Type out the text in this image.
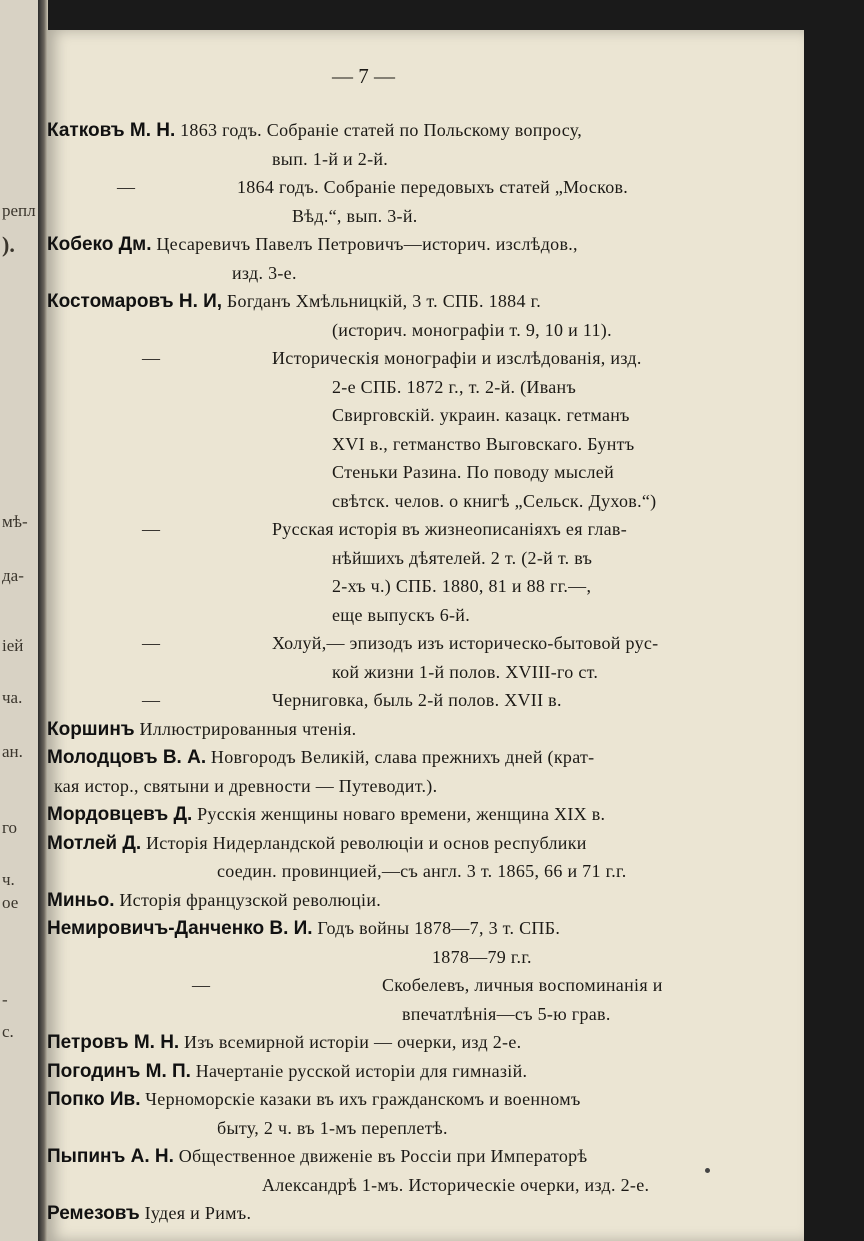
репл
).
мѣ-
да-
іей
ча.
ан.
го
ч.
ое
-
с.
— 7 —
Катковъ М. Н. 1863 годъ. Собраніе статей по Польскому вопросу,
вып. 1-й и 2-й.
—	1864 годъ. Собраніе передовыхъ статей „Москов.
Вѣд.“, вып. 3-й.
Кобеко Дм. Цесаревичъ Павелъ Петровичъ—историч. изслѣдов.,
изд. 3-е.
Костомаровъ Н. И, Богданъ Хмѣльницкій, 3 т. СПБ. 1884 г.
(историч. монографіи т. 9, 10 и 11).
—	Историческія монографіи и изслѣдованія, изд.
2-е СПБ. 1872 г., т. 2-й. (Иванъ
Свирговскій. украин. казацк. гетманъ
XVI в., гетманство Выговскаго. Бунтъ
Стеньки Разина. По поводу мыслей
свѣтск. челов. о книгѣ „Сельск. Духов.“)
—	Русская исторія въ жизнеописаніяхъ ея глав-
нѣйшихъ дѣятелей. 2 т. (2-й т. въ
2-хъ ч.) СПБ. 1880, 81 и 88 гг.—,
еще выпускъ 6-й.
—	Холуй,— эпизодъ изъ историческо-бытовой рус-
кой жизни 1-й полов. XVIII-го ст.
—	Черниговка, быль 2-й полов. XVII в.
Коршинъ Иллюстрированныя чтенія.
Молодцовъ В. А. Новгородъ Великій, слава прежнихъ дней (крат-
кая истор., святыни и древности — Путеводит.).
Мордовцевъ Д. Русскія женщины новаго времени, женщина XIX в.
Мотлей Д. Исторія Нидерландской революціи и основ республики
соедин. провинцией,—съ англ. 3 т. 1865, 66 и 71 г.г.
Миньо. Исторія французской революціи.
Немировичъ-Данченко В. И. Годъ войны 1878—7, 3 т. СПБ.
1878—79 г.г.
—	Скобелевъ, личныя воспоминанія и
впечатлѣнія—съ 5-ю грав.
Петровъ М. Н. Изъ всемирной исторіи — очерки, изд 2-е.
Погодинъ М. П. Начертаніе русской исторіи для гимназій.
Попко Ив. Черноморскіе казаки въ ихъ гражданскомъ и военномъ
быту, 2 ч. въ 1-мъ переплетѣ.
Пыпинъ А. Н. Общественное движеніе въ Россіи при Императорѣ
Александрѣ 1-мъ. Историческіе очерки, изд. 2-е.
Ремезовъ Іудея и Римъ.
